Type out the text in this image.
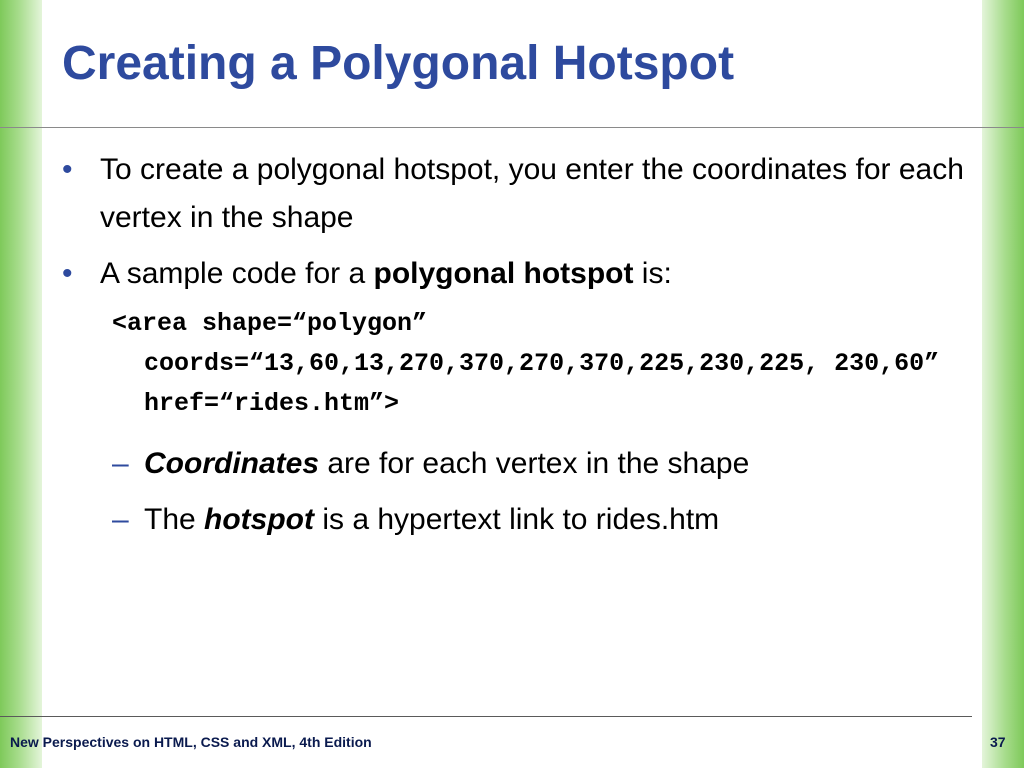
Creating a Polygonal Hotspot
• To create a polygonal hotspot, you enter the coordinates for each vertex in the shape
• A sample code for a polygonal hotspot is:
<area shape=“polygon” coords=“13,60,13,270,370,270,370,225,230,225, 230,60” href=“rides.htm”>
– Coordinates are for each vertex in the shape
– The hotspot is a hypertext link to rides.htm
New Perspectives on HTML, CSS and XML, 4th Edition	37
